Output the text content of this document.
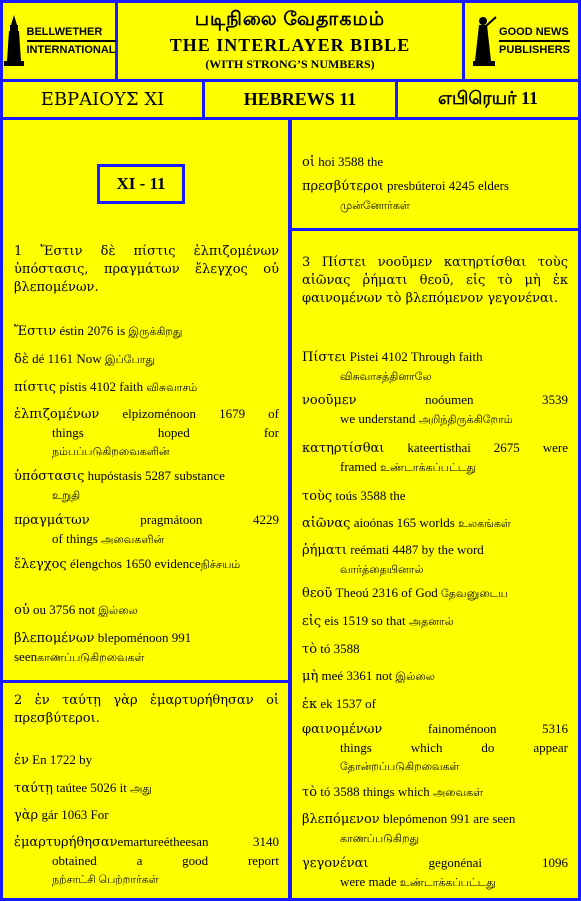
BELLWETHER
INTERNATIONAL
படிநிலை வேதாகமம்
THE INTERLAYER BIBLE
(WITH STRONG’S NUMBERS)
GOOD NEWS
PUBLISHERS
ΕΒΡΑΙΟΥΣ XI	HEBREWS 11	எபிரெயர் 11
XI - 11
1 Ἔστιν δὲ πίστις ἐλπιζομένων ὑπόστασις, πραγμάτων ἔλεγχος οὐ βλεπομένων.
Ἔστιν éstin 2076 is இருக்கிறது
δὲ dé 1161 Now இப்போது
πίστις pístis 4102 faith விசுவாசம்
ἐλπιζομένων elpizoménoon 1679 of
things hoped for
நம்பப்படுகிறவைகளின்
ὑπόστασις hupóstasis 5287 substance
உறுதி
πραγμάτων pragmátoon 4229
of things அவைகளின்
ἔλεγχος élengchos 1650 evidenceநிச்சயம்
οὐ ou 3756 not இல்லை
βλεπομένων blepoménoon 991 seenகாணப்படுகிறவைகள்
2 ἐν ταύτῃ γὰρ ἐμαρτυρήθησαν οἱ πρεσβύτεροι.
ἐν En 1722 by
ταύτῃ taútee 5026 it அது
γὰρ gár 1063 For
ἐμαρτυρήθησανemartureétheesan 3140
obtained a good report
நற்சாட்சி பெற்றார்கள்
οἱ hoi 3588 the
πρεσβύτεροι presbúteroi 4245 elders
முன்னோர்கள்
3 Πίστει νοοῦμεν κατηρτίσθαι τοὺς αἰῶνας ῥήματι θεοῦ, εἰς τὸ μὴ ἐκ φαινομένων τὸ βλεπόμενον γεγονέναι.
Πίστει Pistei 4102 Through faith
விசுவாசத்தினாலே
νοοῦμεν noóumen 3539
we understand அறிந்திருக்கிறோம்
κατηρτίσθαι kateertisthai 2675 were
framed உண்டாக்கப்பட்டது
τοὺς toús 3588 the
αἰῶνας aioónas 165 worlds உலகங்கள்
ῥήματι reémati 4487 by the word
வார்த்தையினால்
θεοῦ Theoú 2316 of God தேவனுடைய
εἰς eis 1519 so that அதனால்
τὸ tó 3588
μὴ meé 3361 not இல்லை
ἐκ ek 1537 of
φαινομένων fainoménoon 5316
things which do appear
தோன்றப்படுகிறவைகள்
τὸ tó 3588 things which அவைகள்
βλεπόμενον blepómenon 991 are seen
காணப்படுகிறது
γεγονέναι gegonénai 1096
were made உண்டாக்கப்பட்டது
